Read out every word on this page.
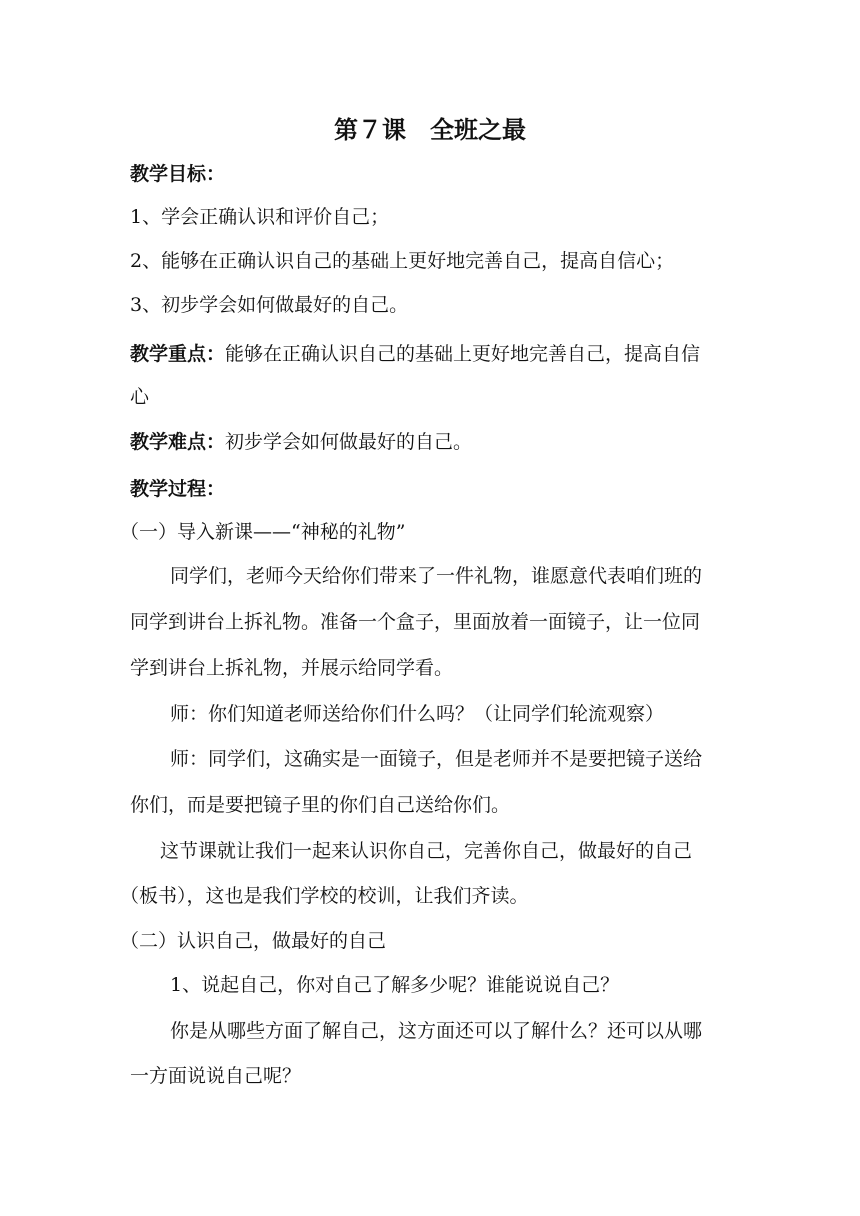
第７课　全班之最
教学目标：
1、学会正确认识和评价自己；
2、能够在正确认识自己的基础上更好地完善自己，提高自信心；
3、初步学会如何做最好的自己。
教学重点：能够在正确认识自己的基础上更好地完善自己，提高自信
心
教学难点：初步学会如何做最好的自己。
教学过程：
（一）导入新课——“神秘的礼物”
同学们，老师今天给你们带来了一件礼物，谁愿意代表咱们班的
同学到讲台上拆礼物。准备一个盒子，里面放着一面镜子，让一位同
学到讲台上拆礼物，并展示给同学看。
师：你们知道老师送给你们什么吗？（让同学们轮流观察）
师：同学们，这确实是一面镜子，但是老师并不是要把镜子送给
你们，而是要把镜子里的你们自己送给你们。
这节课就让我们一起来认识你自己，完善你自己，做最好的自己
（板书），这也是我们学校的校训，让我们齐读。
（二）认识自己，做最好的自己
1、说起自己，你对自己了解多少呢？谁能说说自己？
你是从哪些方面了解自己，这方面还可以了解什么？还可以从哪
一方面说说自己呢？
